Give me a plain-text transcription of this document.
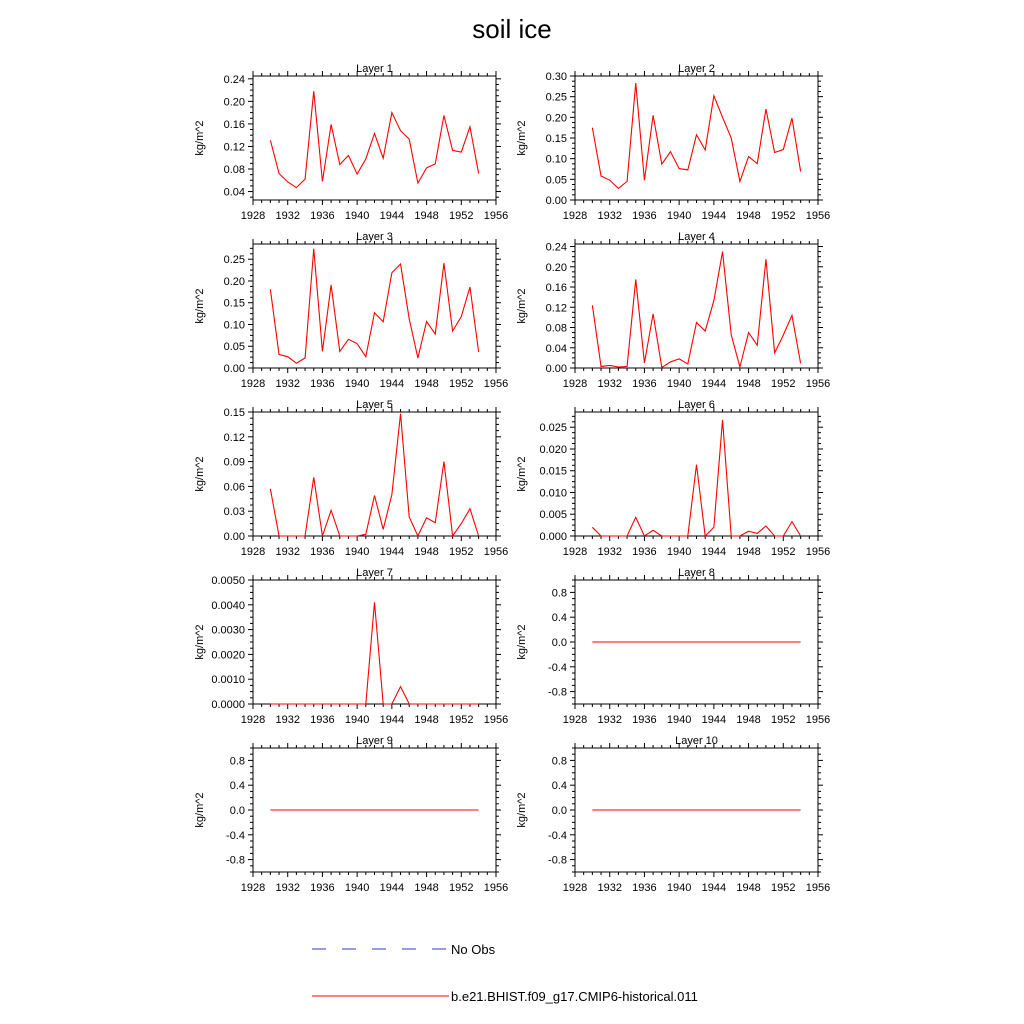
soil ice
Layer 1
1928 1932 1936 1940 1944 1948 1952 1956
0.04
0.08
0.12
0.16
0.20
0.24
kg/m^2
Layer 2
1928 1932 1936 1940 1944 1948 1952 1956
0.00
0.05
0.10
0.15
0.20
0.25
0.30
kg/m^2
Layer 3
1928 1932 1936 1940 1944 1948 1952 1956
0.00
0.05
0.10
0.15
0.20
0.25
kg/m^2
Layer 4
1928 1932 1936 1940 1944 1948 1952 1956
0.00
0.04
0.08
0.12
0.16
0.20
0.24
kg/m^2
Layer 5
1928 1932 1936 1940 1944 1948 1952 1956
0.00
0.03
0.06
0.09
0.12
0.15
kg/m^2
Layer 6
1928 1932 1936 1940 1944 1948 1952 1956
0.000
0.005
0.010
0.015
0.020
0.025
kg/m^2
Layer 7
1928 1932 1936 1940 1944 1948 1952 1956
0.0000
0.0010
0.0020
0.0030
0.0040
0.0050
kg/m^2
Layer 8
1928 1932 1936 1940 1944 1948 1952 1956
-0.8
-0.4
0.0
0.4
0.8
kg/m^2
Layer 9
1928 1932 1936 1940 1944 1948 1952 1956
-0.8
-0.4
0.0
0.4
0.8
kg/m^2
Layer 10
1928 1932 1936 1940 1944 1948 1952 1956
-0.8
-0.4
0.0
0.4
0.8
kg/m^2
No Obs
b.e21.BHIST.f09_g17.CMIP6-historical.011
